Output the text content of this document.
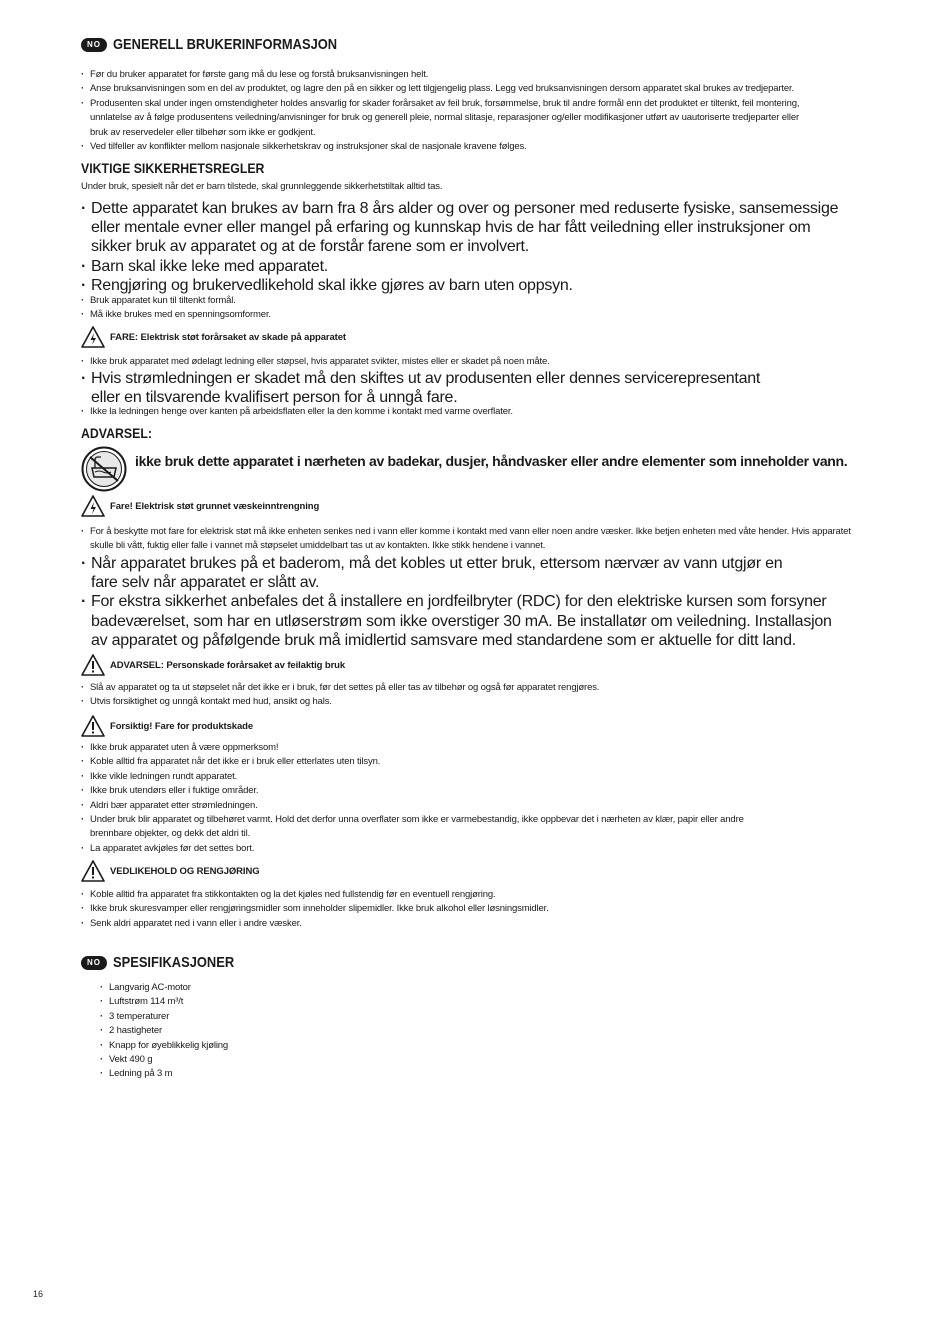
NO GENERELL BRUKERINFORMASJON
· Før du bruker apparatet for første gang må du lese og forstå bruksanvisningen helt.
· Anse bruksanvisningen som en del av produktet, og lagre den på en sikker og lett tilgjengelig plass. Legg ved bruksanvisningen dersom apparatet skal brukes av tredjeparter.
· Produsenten skal under ingen omstendigheter holdes ansvarlig for skader forårsaket av feil bruk, forsømmelse, bruk til andre formål enn det produktet er tiltenkt, feil montering, unnlatelse av å følge produsentens veiledning/anvisninger for bruk og generell pleie, normal slitasje, reparasjoner og/eller modifikasjoner utført av uautoriserte tredjeparter eller bruk av reservedeler eller tilbehør som ikke er godkjent.
· Ved tilfeller av konflikter mellom nasjonale sikkerhetskrav og instruksjoner skal de nasjonale kravene følges.
VIKTIGE SIKKERHETSREGLER
Under bruk, spesielt når det er barn tilstede, skal grunnleggende sikkerhetstiltak alltid tas.
· Dette apparatet kan brukes av barn fra 8 års alder og over og personer med reduserte fysiske, sansemessige eller mentale evner eller mangel på erfaring og kunnskap hvis de har fått veiledning eller instruksjoner om sikker bruk av apparatet og at de forstår farene som er involvert.
· Barn skal ikke leke med apparatet.
· Rengjøring og brukervedlikehold skal ikke gjøres av barn uten oppsyn.
· Bruk apparatet kun til tiltenkt formål.
· Må ikke brukes med en spenningsomformer.
FARE: Elektrisk støt forårsaket av skade på apparatet
· Ikke bruk apparatet med ødelagt ledning eller støpsel, hvis apparatet svikter, mistes eller er skadet på noen måte.
· Hvis strømledningen er skadet må den skiftes ut av produsenten eller dennes servicerepresentant eller en tilsvarende kvalifisert person for å unngå fare.
· Ikke la ledningen henge over kanten på arbeidsflaten eller la den komme i kontakt med varme overflater.
ADVARSEL:
ikke bruk dette apparatet i nærheten av badekar, dusjer, håndvasker eller andre elementer som inneholder vann.
Fare! Elektrisk støt grunnet væskeinntrengning
· For å beskytte mot fare for elektrisk støt må ikke enheten senkes ned i vann eller komme i kontakt med vann eller noen andre væsker. Ikke betjen enheten med våte hender. Hvis apparatet skulle bli vått, fuktig eller falle i vannet må støpselet umiddelbart tas ut av kontakten. Ikke stikk hendene i vannet.
· Når apparatet brukes på et baderom, må det kobles ut etter bruk, ettersom nærvær av vann utgjør en fare selv når apparatet er slått av.
· For ekstra sikkerhet anbefales det å installere en jordfeilbryter (RDC) for den elektriske kursen som forsyner badeværelset, som har en utløserstrøm som ikke overstiger 30 mA. Be installatør om veiledning. Installasjon av apparatet og påfølgende bruk må imidlertid samsvare med standardene som er aktuelle for ditt land.
ADVARSEL: Personskade forårsaket av feilaktig bruk
· Slå av apparatet og ta ut støpselet når det ikke er i bruk, før det settes på eller tas av tilbehør og også før apparatet rengjøres.
· Utvis forsiktighet og unngå kontakt med hud, ansikt og hals.
Forsiktig! Fare for produktskade
· Ikke bruk apparatet uten å være oppmerksom!
· Koble alltid fra apparatet når det ikke er i bruk eller etterlates uten tilsyn.
· Ikke vikle ledningen rundt apparatet.
· Ikke bruk utendørs eller i fuktige områder.
· Aldri bær apparatet etter strømledningen.
· Under bruk blir apparatet og tilbehøret varmt. Hold det derfor unna overflater som ikke er varmebestandig, ikke oppbevar det i nærheten av klær, papir eller andre brennbare objekter, og dekk det aldri til.
· La apparatet avkjøles før det settes bort.
VEDLIKEHOLD OG RENGJØRING
· Koble alltid fra apparatet fra stikkontakten og la det kjøles ned fullstendig før en eventuell rengjøring.
· Ikke bruk skuresvamper eller rengjøringsmidler som inneholder slipemidler. Ikke bruk alkohol eller løsningsmidler.
· Senk aldri apparatet ned i vann eller i andre væsker.
NO SPESIFIKASJONER
· Langvarig AC-motor
· Luftstrøm 114 m³/t
· 3 temperaturer
· 2 hastigheter
· Knapp for øyeblikkelig kjøling
· Vekt 490 g
· Ledning på 3 m
16
